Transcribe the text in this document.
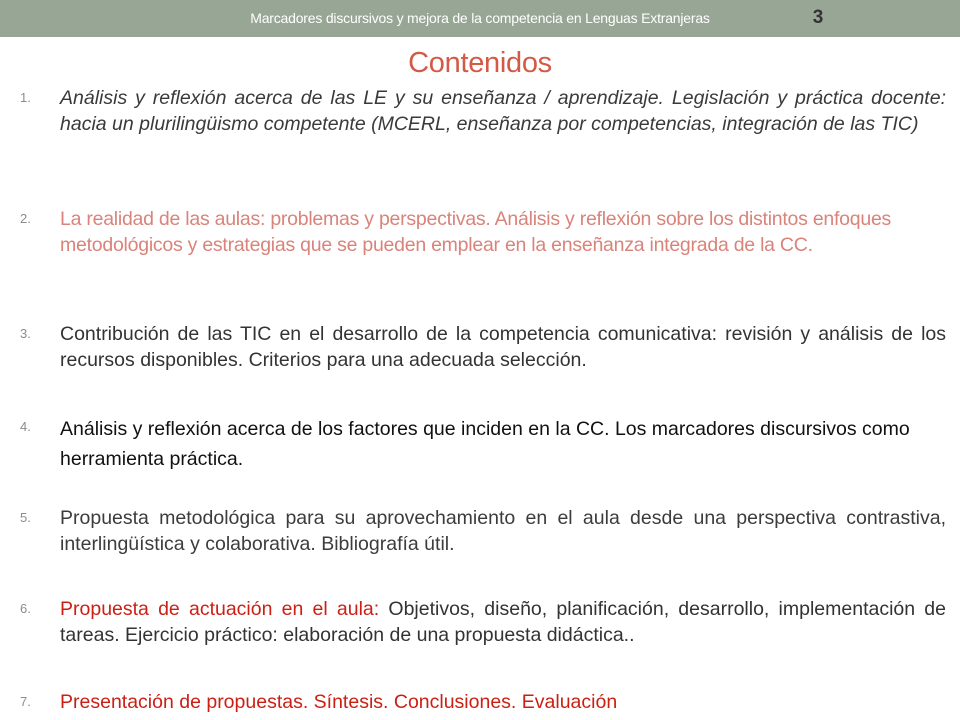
Marcadores discursivos y mejora de la competencia en Lenguas Extranjeras	3
Contenidos
1. Análisis y reflexión acerca de las LE y su enseñanza / aprendizaje. Legislación y práctica docente: hacia un plurilingüismo competente (MCERL, enseñanza por competencias, integración de las TIC)

2. La realidad de las aulas: problemas y perspectivas. Análisis y reflexión sobre los distintos enfoques metodológicos y estrategias que se pueden emplear en la enseñanza integrada de la CC.

3. Contribución de las TIC en el desarrollo de la competencia comunicativa: revisión y análisis de los recursos disponibles. Criterios para una adecuada selección.

4. Análisis y reflexión acerca de los factores que inciden en la CC. Los marcadores discursivos como herramienta práctica.

5. Propuesta metodológica para su aprovechamiento en el aula desde una perspectiva contrastiva, interlingüística y colaborativa. Bibliografía útil.

6. Propuesta de actuación en el aula: Objetivos, diseño, planificación, desarrollo, implementación de tareas. Ejercicio práctico: elaboración de una propuesta didáctica..

7. Presentación de propuestas. Síntesis. Conclusiones. Evaluación
